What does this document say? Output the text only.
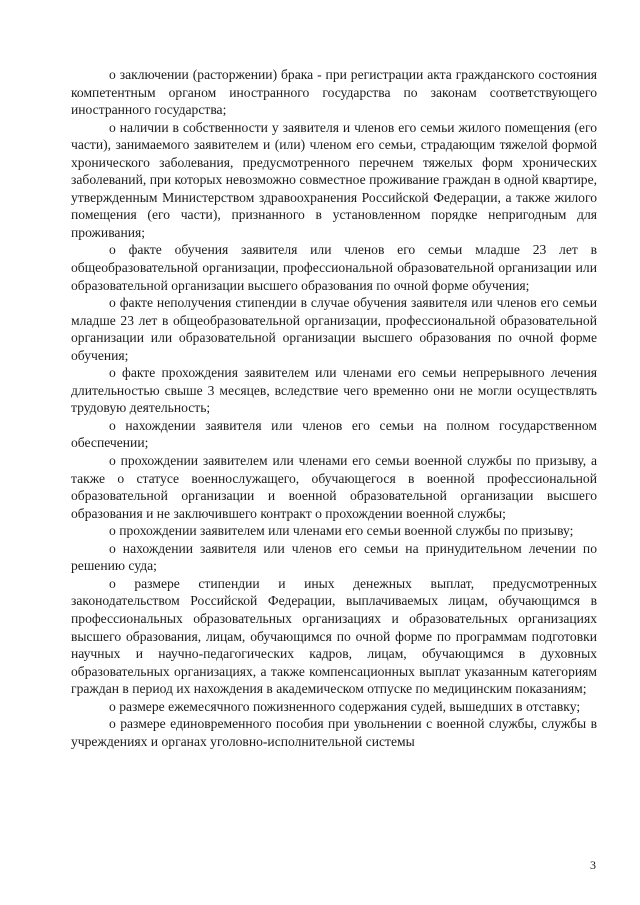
о заключении (расторжении) брака - при регистрации акта гражданского состояния компетентным органом иностранного государства по законам соответствующего иностранного государства;

о наличии в собственности у заявителя и членов его семьи жилого помещения (его части), занимаемого заявителем и (или) членом его семьи, страдающим тяжелой формой хронического заболевания, предусмотренного перечнем тяжелых форм хронических заболеваний, при которых невозможно совместное проживание граждан в одной квартире, утвержденным Министерством здравоохранения Российской Федерации, а также жилого помещения (его части), признанного в установленном порядке непригодным для проживания;

о факте обучения заявителя или членов его семьи младше 23 лет в общеобразовательной организации, профессиональной образовательной организации или образовательной организации высшего образования по очной форме обучения;

о факте неполучения стипендии в случае обучения заявителя или членов его семьи младше 23 лет в общеобразовательной организации, профессиональной образовательной организации или образовательной организации высшего образования по очной форме обучения;

о факте прохождения заявителем или членами его семьи непрерывного лечения длительностью свыше 3 месяцев, вследствие чего временно они не могли осуществлять трудовую деятельность;

о нахождении заявителя или членов его семьи на полном государственном обеспечении;

о прохождении заявителем или членами его семьи военной службы по призыву, а также о статусе военнослужащего, обучающегося в военной профессиональной образовательной организации и военной образовательной организации высшего образования и не заключившего контракт о прохождении военной службы;

о прохождении заявителем или членами его семьи военной службы по призыву;

о нахождении заявителя или членов его семьи на принудительном лечении по решению суда;

о размере стипендии и иных денежных выплат, предусмотренных законодательством Российской Федерации, выплачиваемых лицам, обучающимся в профессиональных образовательных организациях и образовательных организациях высшего образования, лицам, обучающимся по очной форме по программам подготовки научных и научно-педагогических кадров, лицам, обучающимся в духовных образовательных организациях, а также компенсационных выплат указанным категориям граждан в период их нахождения в академическом отпуске по медицинским показаниям;

о размере ежемесячного пожизненного содержания судей, вышедших в отставку;

о размере единовременного пособия при увольнении с военной службы, службы в учреждениях и органах уголовно-исполнительной системы

3
